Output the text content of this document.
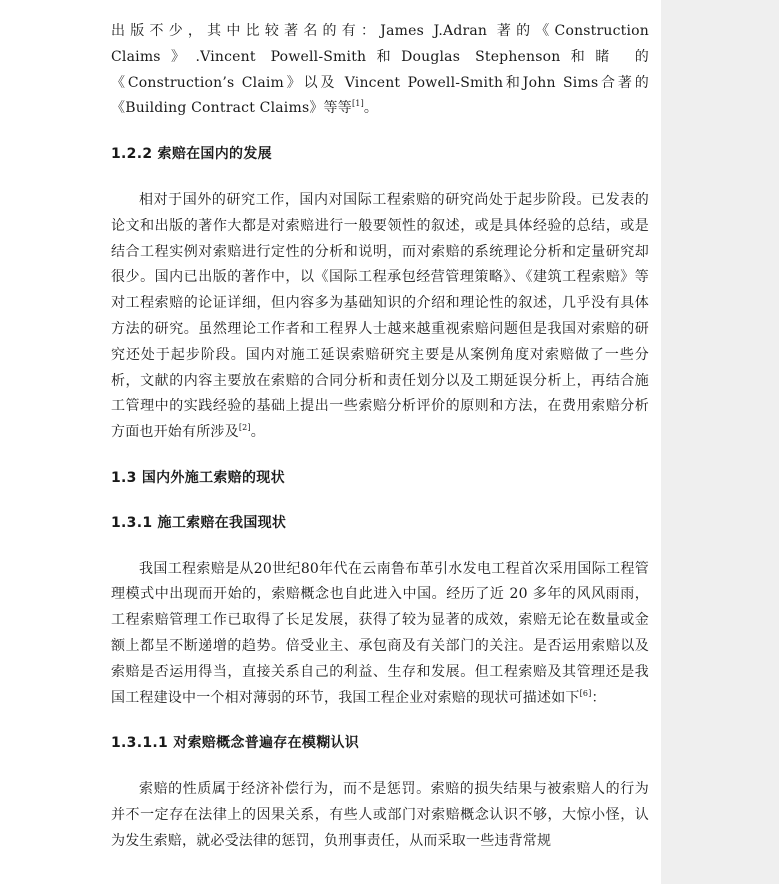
出版不少，其中比较著名的有：James J.Adran 著的《Construction Claims》.Vincent Powell-Smith和Douglas Stephenson和睹 的《Construction’s Claim》以及 Vincent Powell-Smith和John Sims合著的《Building Contract Claims》等等[1]。

1.2.2 索赔在国内的发展

相对于国外的研究工作，国内对国际工程索赔的研究尚处于起步阶段。已发表的论文和出版的著作大都是对索赔进行一般要领性的叙述，或是具体经验的总结，或是结合工程实例对索赔进行定性的分析和说明，而对索赔的系统理论分析和定量研究却很少。国内已出版的著作中，以《国际工程承包经营管理策略》、《建筑工程索赔》等对工程索赔的论证详细，但内容多为基础知识的介绍和理论性的叙述，几乎没有具体方法的研究。虽然理论工作者和工程界人士越来越重视索赔问题但是我国对索赔的研究还处于起步阶段。国内对施工延误索赔研究主要是从案例角度对索赔做了一些分析，文献的内容主要放在索赔的合同分析和责任划分以及工期延误分析上，再结合施工管理中的实践经验的基础上提出一些索赔分析评价的原则和方法，在费用索赔分析方面也开始有所涉及[2]。

1.3 国内外施工索赔的现状
1.3.1 施工索赔在我国现状

我国工程索赔是从20世纪80年代在云南鲁布革引水发电工程首次采用国际工程管理模式中出现而开始的，索赔概念也自此进入中国。经历了近 20 多年的风风雨雨，工程索赔管理工作已取得了长足发展，获得了较为显著的成效，索赔无论在数量或金额上都呈不断递增的趋势。倍受业主、承包商及有关部门的关注。是否运用索赔以及索赔是否运用得当，直接关系自己的利益、生存和发展。但工程索赔及其管理还是我国工程建设中一个相对薄弱的环节，我国工程企业对索赔的现状可描述如下[6]：

1.3.1.1 对索赔概念普遍存在模糊认识

索赔的性质属于经济补偿行为，而不是惩罚。索赔的损失结果与被索赔人的行为并不一定存在法律上的因果关系，有些人或部门对索赔概念认识不够，大惊小怪，认为发生索赔，就必受法律的惩罚，负刑事责任，从而采取一些违背常规
